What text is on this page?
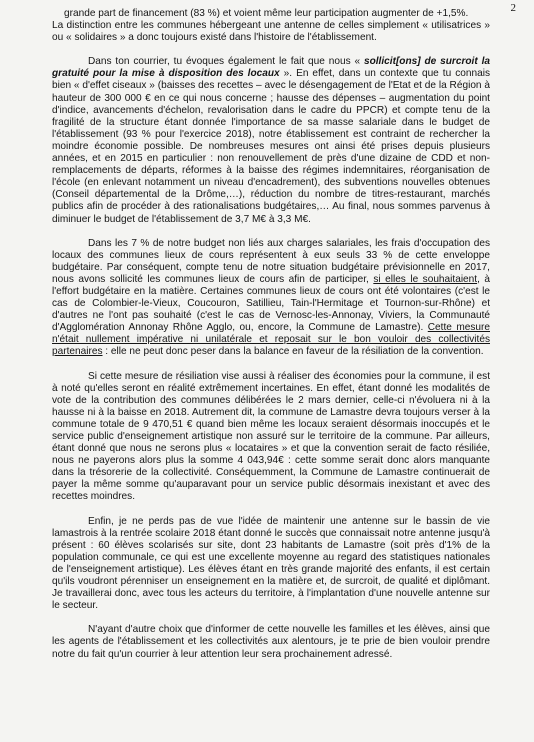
2

grande part de financement (83 %) et voient même leur participation augmenter de +1,5%.

La distinction entre les communes hébergeant une antenne de celles simplement « utilisatrices » ou « solidaires » a donc toujours existé dans l'histoire de l'établissement.

Dans ton courrier, tu évoques également le fait que nous « sollicit[ons] de surcroit la gratuité pour la mise à disposition des locaux ». En effet, dans un contexte que tu connais bien « d'effet ciseaux » (baisses des recettes – avec le désengagement de l'Etat et de la Région à hauteur de 300 000 € en ce qui nous concerne ; hausse des dépenses – augmentation du point d'indice, avancements d'échelon, revalorisation dans le cadre du PPCR) et compte tenu de la fragilité de la structure étant donnée l'importance de sa masse salariale dans le budget de l'établissement (93 % pour l'exercice 2018), notre établissement est contraint de rechercher la moindre économie possible. De nombreuses mesures ont ainsi été prises depuis plusieurs années, et en 2015 en particulier : non renouvellement de près d'une dizaine de CDD et non-remplacements de départs, réformes à la baisse des régimes indemnitaires, réorganisation de l'école (en enlevant notamment un niveau d'encadrement), des subventions nouvelles obtenues (Conseil départemental de la Drôme,…), réduction du nombre de titres-restaurant, marchés publics afin de procéder à des rationalisations budgétaires,… Au final, nous sommes parvenus à diminuer le budget de l'établissement de 3,7 M€ à 3,3 M€.

Dans les 7 % de notre budget non liés aux charges salariales, les frais d'occupation des locaux des communes lieux de cours représentent à eux seuls 33 % de cette enveloppe budgétaire. Par conséquent, compte tenu de notre situation budgétaire prévisionnelle en 2017, nous avons sollicité les communes lieux de cours afin de participer, si elles le souhaitaient, à l'effort budgétaire en la matière. Certaines communes lieux de cours ont été volontaires (c'est le cas de Colombier-le-Vieux, Coucouron, Satillieu, Tain-l'Hermitage et Tournon-sur-Rhône) et d'autres ne l'ont pas souhaité (c'est le cas de Vernosc-les-Annonay, Viviers, la Communauté d'Agglomération Annonay Rhône Agglo, ou, encore, la Commune de Lamastre). Cette mesure n'était nullement impérative ni unilatérale et reposait sur le bon vouloir des collectivités partenaires : elle ne peut donc peser dans la balance en faveur de la résiliation de la convention.

Si cette mesure de résiliation vise aussi à réaliser des économies pour la commune, il est à noté qu'elles seront en réalité extrêmement incertaines. En effet, étant donné les modalités de vote de la contribution des communes délibérées le 2 mars dernier, celle-ci n'évoluera ni à la hausse ni à la baisse en 2018. Autrement dit, la commune de Lamastre devra toujours verser à la commune totale de 9 470,51 € quand bien même les locaux seraient désormais inoccupés et le service public d'enseignement artistique non assuré sur le territoire de la commune. Par ailleurs, étant donné que nous ne serons plus « locataires » et que la convention serait de facto résiliée, nous ne payerons alors plus la somme 4 043,94€ : cette somme serait donc alors manquante dans la trésorerie de la collectivité. Conséquemment, la Commune de Lamastre continuerait de payer la même somme qu'auparavant pour un service public désormais inexistant et avec des recettes moindres.

Enfin, je ne perds pas de vue l'idée de maintenir une antenne sur le bassin de vie lamastrois à la rentrée scolaire 2018 étant donné le succès que connaissait notre antenne jusqu'à présent : 60 élèves scolarisés sur site, dont 23 habitants de Lamastre (soit près d'1% de la population communale, ce qui est une excellente moyenne au regard des statistiques nationales de l'enseignement artistique). Les élèves étant en très grande majorité des enfants, il est certain qu'ils voudront pérenniser un enseignement en la matière et, de surcroit, de qualité et diplômant. Je travaillerai donc, avec tous les acteurs du territoire, à l'implantation d'une nouvelle antenne sur le secteur.

N'ayant d'autre choix que d'informer de cette nouvelle les familles et les élèves, ainsi que les agents de l'établissement et les collectivités aux alentours, je te prie de bien vouloir prendre notre du fait qu'un courrier à leur attention leur sera prochainement adressé.
